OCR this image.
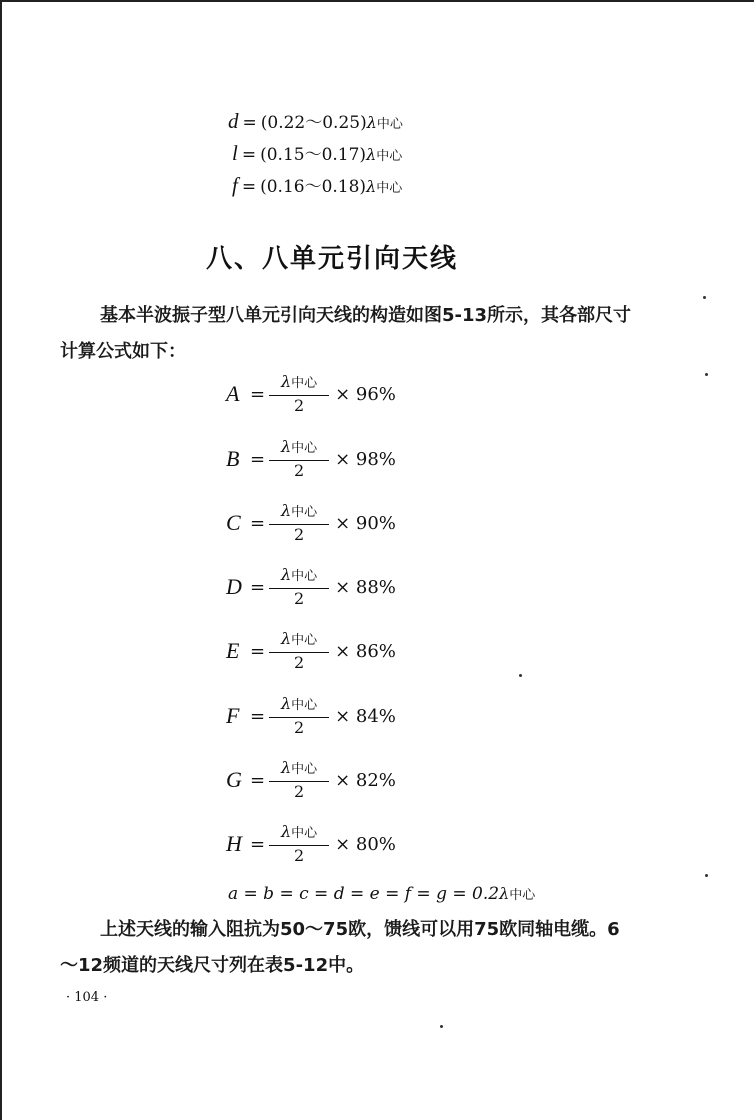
d = (0.22～0.25)λ中心
l = (0.15～0.17)λ中心
f = (0.16～0.18)λ中心
八、八单元引向天线
基本半波振子型八单元引向天线的构造如图5-13所示，其各部尺寸计算公式如下：
$A = \frac{\text{λ中心}}{2} \times 96\%$
$B = \frac{\text{λ中心}}{2} \times 98\%$
$C = \frac{\text{λ中心}}{2} \times 90\%$
$D = \frac{\text{λ中心}}{2} \times 88\%$
$E = \frac{\text{λ中心}}{2} \times 86\%$
$F = \frac{\text{λ中心}}{2} \times 84\%$
$G = \frac{\text{λ中心}}{2} \times 82\%$
$H = \frac{\text{λ中心}}{2} \times 80\%$
a = b = c = d = e = f = g = 0.2λ中心
上述天线的输入阻抗为50～75欧，馈线可以用75欧同轴电缆。6 ～12频道的天线尺寸列在表5-12中。
· 104 ·
